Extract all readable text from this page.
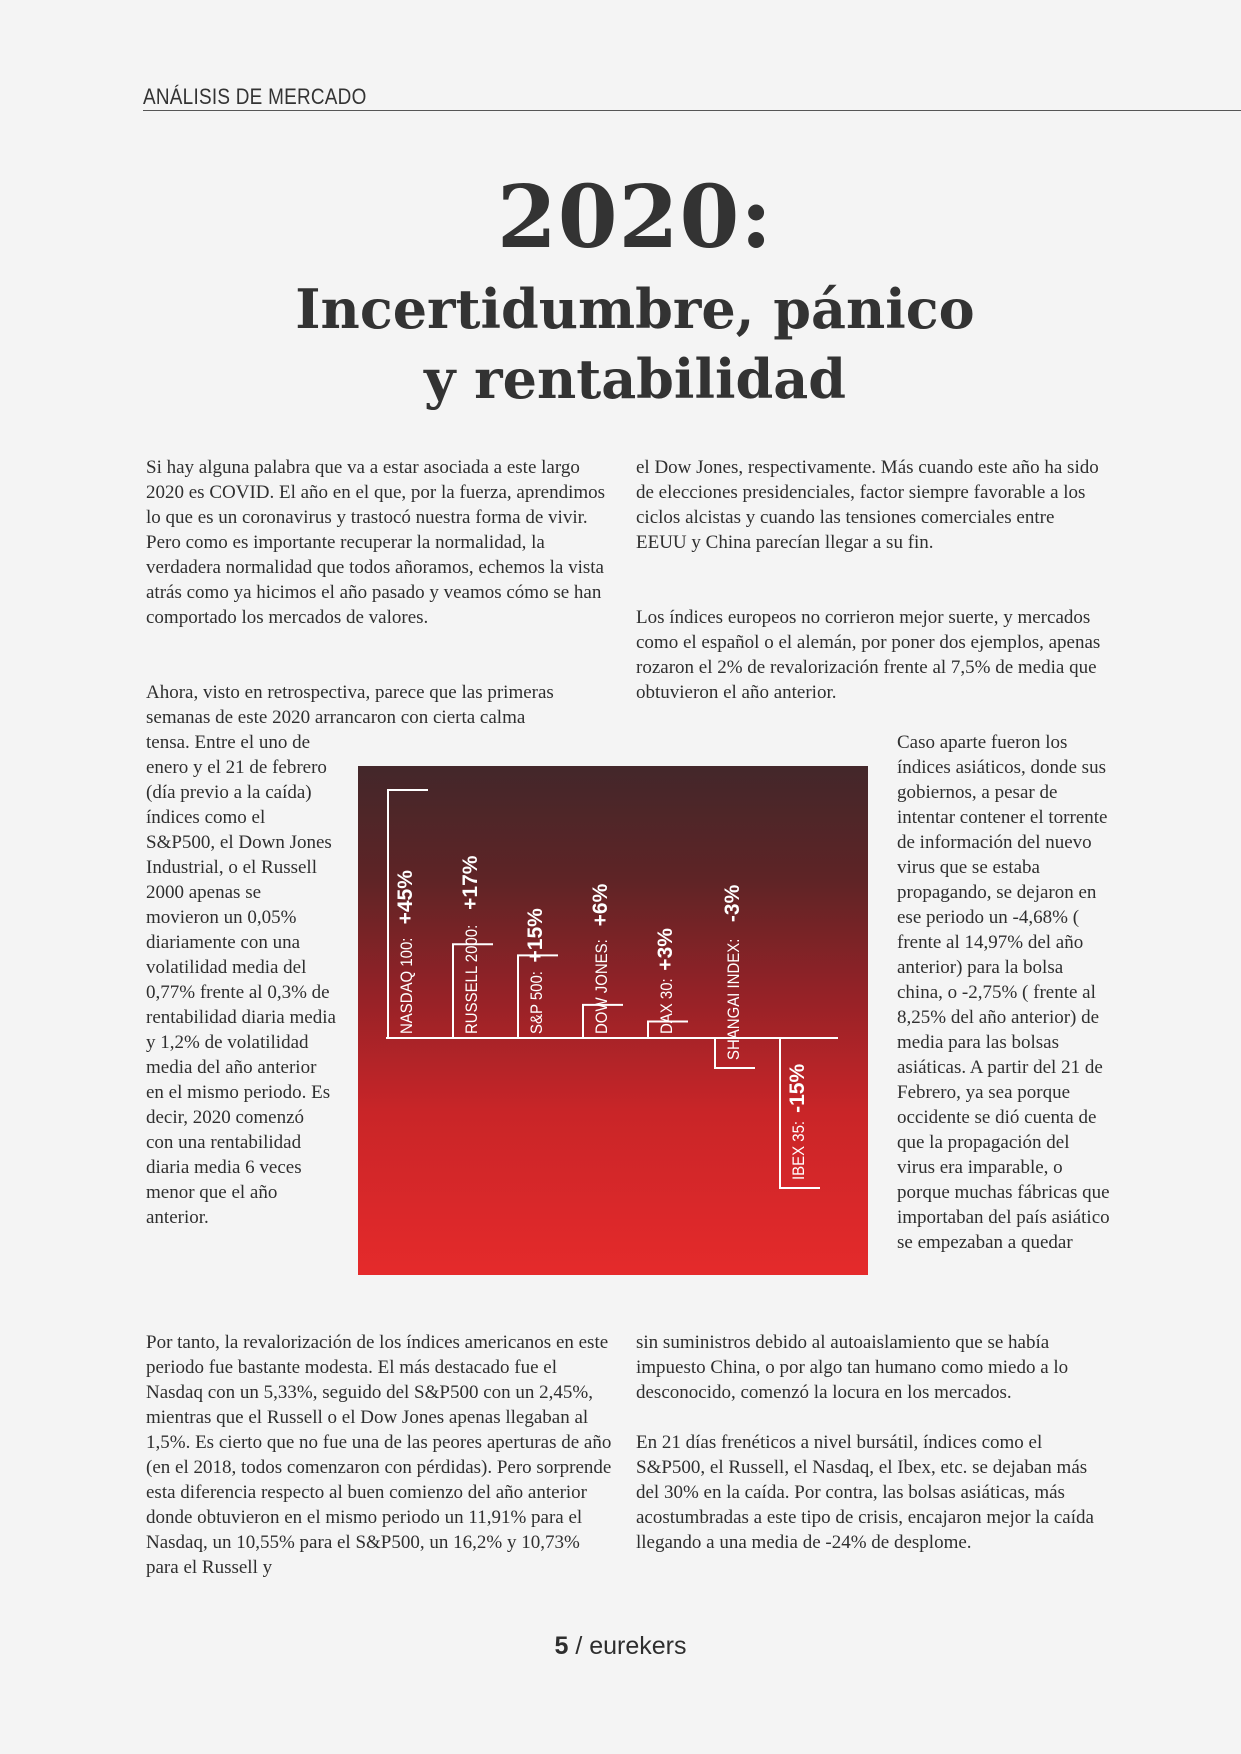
ANÁLISIS DE MERCADO
2020:
Incertidumbre, pánico
y rentabilidad

Si hay alguna palabra que va a estar asociada a este largo 2020 es COVID. El año en el que, por la fuerza, aprendimos lo que es un coronavirus y trastocó nuestra forma de vivir. Pero como es importante recuperar la normalidad, la verdadera normalidad que todos añoramos, echemos la vista atrás como ya hicimos el año pasado y veamos cómo se han comportado los mercados de valores.

Ahora, visto en retrospectiva, parece que las primeras semanas de este 2020 arrancaron con cierta calma

tensa. Entre el uno de enero y el 21 de febrero (día previo a la caída) índices como el S&P500, el Down Jones Industrial, o el Russell 2000 apenas se movieron un 0,05% diariamente con una volatilidad media del 0,77% frente al 0,3% de rentabilidad diaria media y 1,2% de volatilidad media del año anterior en el mismo periodo. Es decir, 2020 comenzó con una rentabilidad diaria media 6 veces menor que el año anterior.

Por tanto, la revalorización de los índices americanos en este periodo fue bastante modesta. El más destacado fue el Nasdaq con un 5,33%, seguido del S&P500 con un 2,45%, mientras que el Russell o el Dow Jones apenas llegaban al 1,5%. Es cierto que no fue una de las peores aperturas de año (en el 2018, todos comenzaron con pérdidas). Pero sorprende esta diferencia respecto al buen comienzo del año anterior donde obtuvieron en el mismo periodo un 11,91% para el Nasdaq, un 10,55% para el S&P500, un 16,2% y 10,73% para el Russell y

el Dow Jones, respectivamente. Más cuando este año ha sido de elecciones presidenciales, factor siempre favorable a los ciclos alcistas y cuando las tensiones comerciales entre EEUU y China parecían llegar a su fin.

Los índices europeos no corrieron mejor suerte, y mercados como el español o el alemán, por poner dos ejemplos, apenas rozaron el 2% de revalorización frente al 7,5% de media que obtuvieron el año anterior.

Caso aparte fueron los índices asiáticos, donde sus gobiernos, a pesar de intentar contener el torrente de información del nuevo virus que se estaba propagando, se dejaron en ese periodo un -4,68% ( frente al 14,97% del año anterior) para la bolsa china, o -2,75% ( frente al 8,25% del año anterior) de media para las bolsas asiáticas. A partir del 21 de Febrero, ya sea porque occidente se dió cuenta de que la propagación del virus era imparable, o porque muchas fábricas que importaban del país asiático se empezaban a quedar

sin suministros debido al autoaislamiento que se había impuesto China, o por algo tan humano como miedo a lo desconocido, comenzó la locura en los mercados.

En 21 días frenéticos a nivel bursátil, índices como el S&P500, el Russell, el Nasdaq, el Ibex, etc. se dejaban más del 30% en la caída. Por contra, las bolsas asiáticas, más acostumbradas a este tipo de crisis, encajaron mejor la caída llegando a una media de -24% de desplome.

NASDAQ 100:+45%
RUSSELL 2000:+17%
S&P 500:+15%
DOW JONES:+6%
DAX 30:+3%	SHANGAI INDEX:-3%
IBEX 35:-15%
5 / eurekers
